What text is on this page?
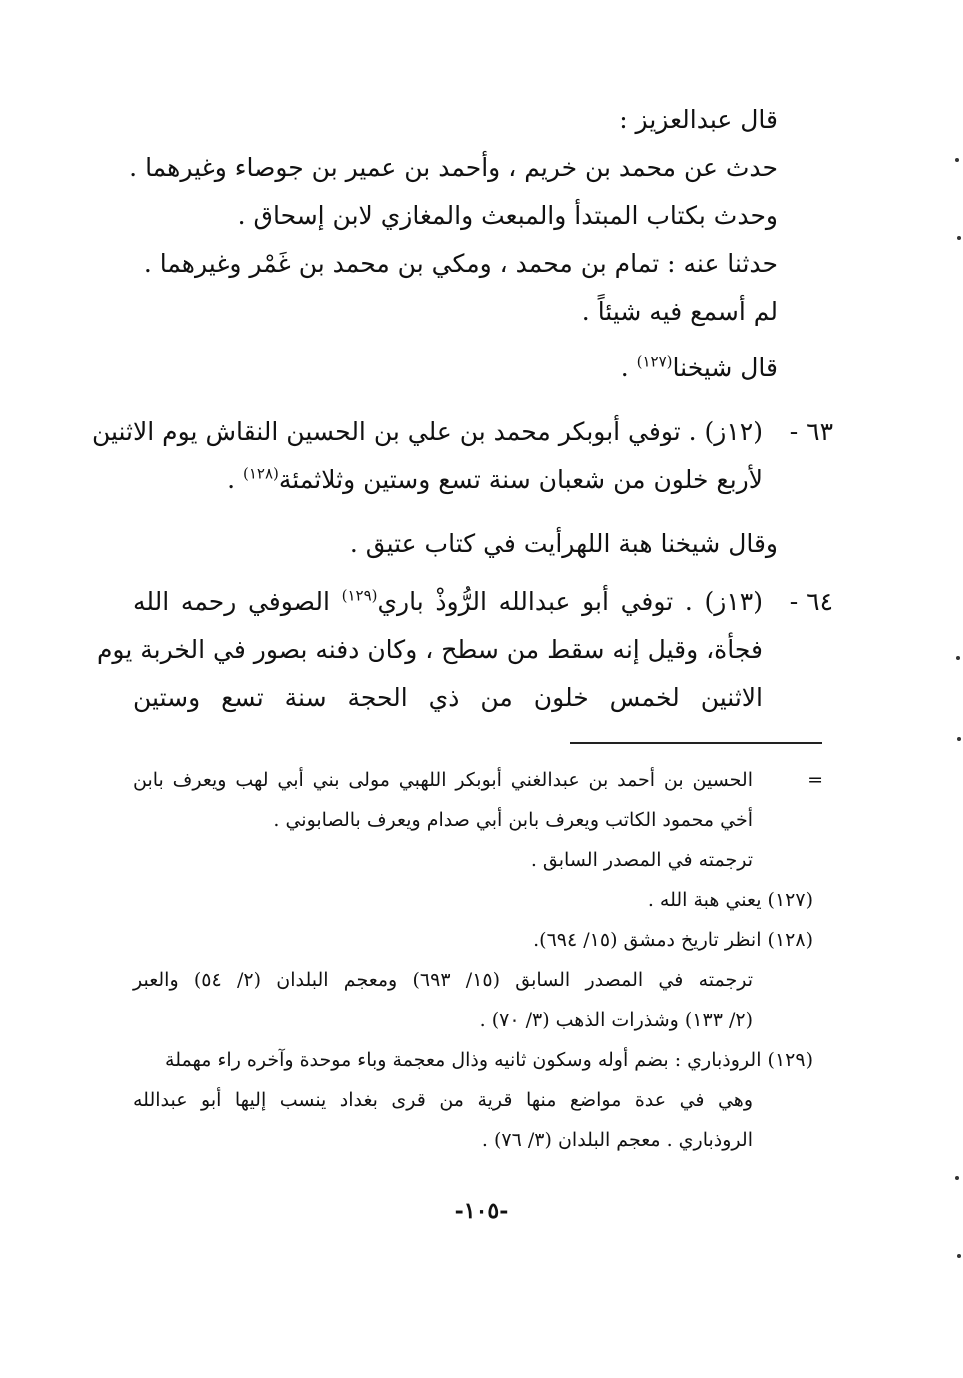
قال عبدالعزيز :
حدث عن محمد بن خريم ، وأحمد بن عمير بن جوصاء وغيرهما .
وحدث بكتاب المبتدأ والمبعث والمغازي لابن إسحاق .
حدثنا عنه : تمام بن محمد ، ومكي بن محمد بن غَمْر وغيرهما .
لم أسمع فيه شيئاً .
قال شيخنا$^{(١٢٧)}$ .
٦٣ -
(١٢ز) . توفي أبوبكر محمد بن علي بن الحسين النقاش يوم الاثنين
لأربع خلون من شعبان سنة تسع وستين وثلاثمئة$^{(١٢٨)}$ .
وقال شيخنا هبة اللهرأيت في كتاب عتيق .
٦٤ -
(١٣ز) . توفي أبو عبدالله الرُّوذْ باري$^{(١٢٩)}$ الصوفي رحمه الله
فجأة، وقيل إنه سقط من سطح ، وكان دفنه بصور في الخربة يوم
الاثنين لخمس خلون من ذي الحجة سنة تسع وستين
=
الحسين بن أحمد بن عبدالغني أبوبكر اللهبي مولى بني أبي لهب ويعرف بابن
أخي محمود الكاتب ويعرف بابن أبي صدام ويعرف بالصابوني .
ترجمته في المصدر السابق .
(١٢٧) يعني هبة الله .
(١٢٨) انظر تاريخ دمشق (١٥/ ٦٩٤).
ترجمته في المصدر السابق (١٥/ ٦٩٣) ومعجم البلدان (٢/ ٥٤) والعبر
(٢/ ١٣٣) وشذرات الذهب (٣/ ٧٠) .
(١٢٩) الروذباري : بضم أوله وسكون ثانيه وذال معجمة وباء موحدة وآخره راء مهملة
وهي في عدة مواضع منها قرية من قرى بغداد ينسب إليها أبو عبدالله
الروذباري . معجم البلدان (٣/ ٧٦) .
-١٠٥-
